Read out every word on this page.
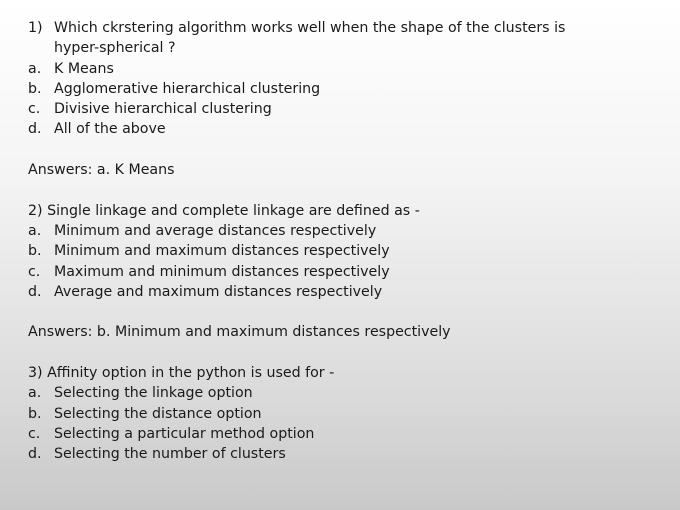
1) Which ckrstering algorithm works well when the shape of the clusters is hyper-spherical ?
a. K Means
b. Agglomerative hierarchical clustering
c. Divisive hierarchical clustering
d. All of the above
Answers: a. K Means
2) Single linkage and complete linkage are defined as -
a. Minimum and average distances respectively
b. Minimum and maximum distances respectively
c. Maximum and minimum distances respectively
d. Average and maximum distances respectively
Answers: b. Minimum and maximum distances respectively
3) Affinity option in the python is used for -
a. Selecting the linkage option
b. Selecting the distance option
c. Selecting a particular method option
d. Selecting the number of clusters
